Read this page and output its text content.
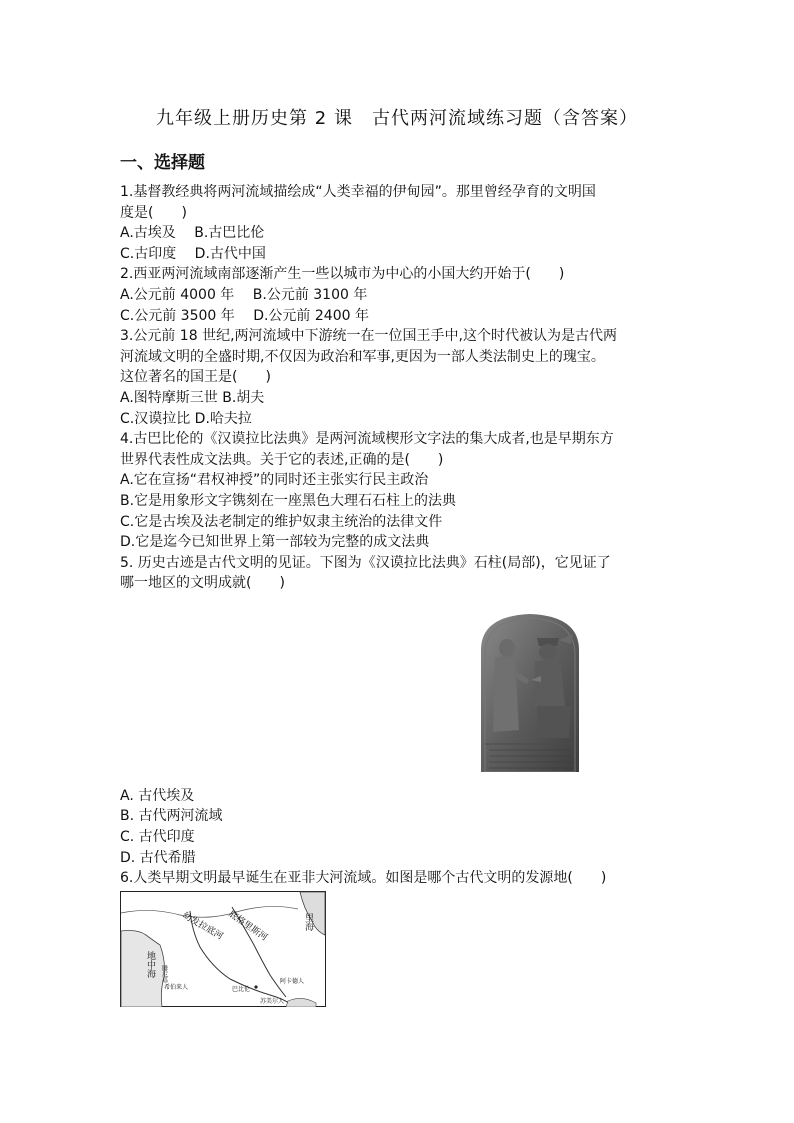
九年级上册历史第 2 课　古代两河流域练习题（含答案）
一、选择题
1.基督教经典将两河流域描绘成“人类幸福的伊甸园”。那里曾经孕育的文明国
度是(　　)
A.古埃及　 B.古巴比伦
C.古印度　 D.古代中国
2.西亚两河流域南部逐渐产生一些以城市为中心的小国大约开始于(　　)
A.公元前 4000 年　 B.公元前 3100 年
C.公元前 3500 年　 D.公元前 2400 年
3.公元前 18 世纪,两河流域中下游统一在一位国王手中,这个时代被认为是古代两
河流域文明的全盛时期,不仅因为政治和军事,更因为一部人类法制史上的瑰宝。
这位著名的国王是(　　)
A.图特摩斯三世 B.胡夫
C.汉谟拉比 D.哈夫拉
4.古巴比伦的《汉谟拉比法典》是两河流域楔形文字法的集大成者,也是早期东方
世界代表性成文法典。关于它的表述,正确的是(　　)
A.它在宣扬“君权神授”的同时还主张实行民主政治
B.它是用象形文字镌刻在一座黑色大理石石柱上的法典
C.它是古埃及法老制定的维护奴隶主统治的法律文件
D.它是迄今已知世界上第一部较为完整的成文法典
5. 历史古迹是古代文明的见证。下图为《汉谟拉比法典》石柱(局部)，它见证了
哪一地区的文明成就(　　)
A. 古代埃及
B. 古代两河流域
C. 古代印度
D. 古代希腊
6.人类早期文明最早诞生在亚非大河流域。如图是哪个古代文明的发源地(　　)
里海
地中海
幼发拉底河 底格里斯河
腓尼基	阿卡德人
希伯来人	巴比伦
苏美尔人
